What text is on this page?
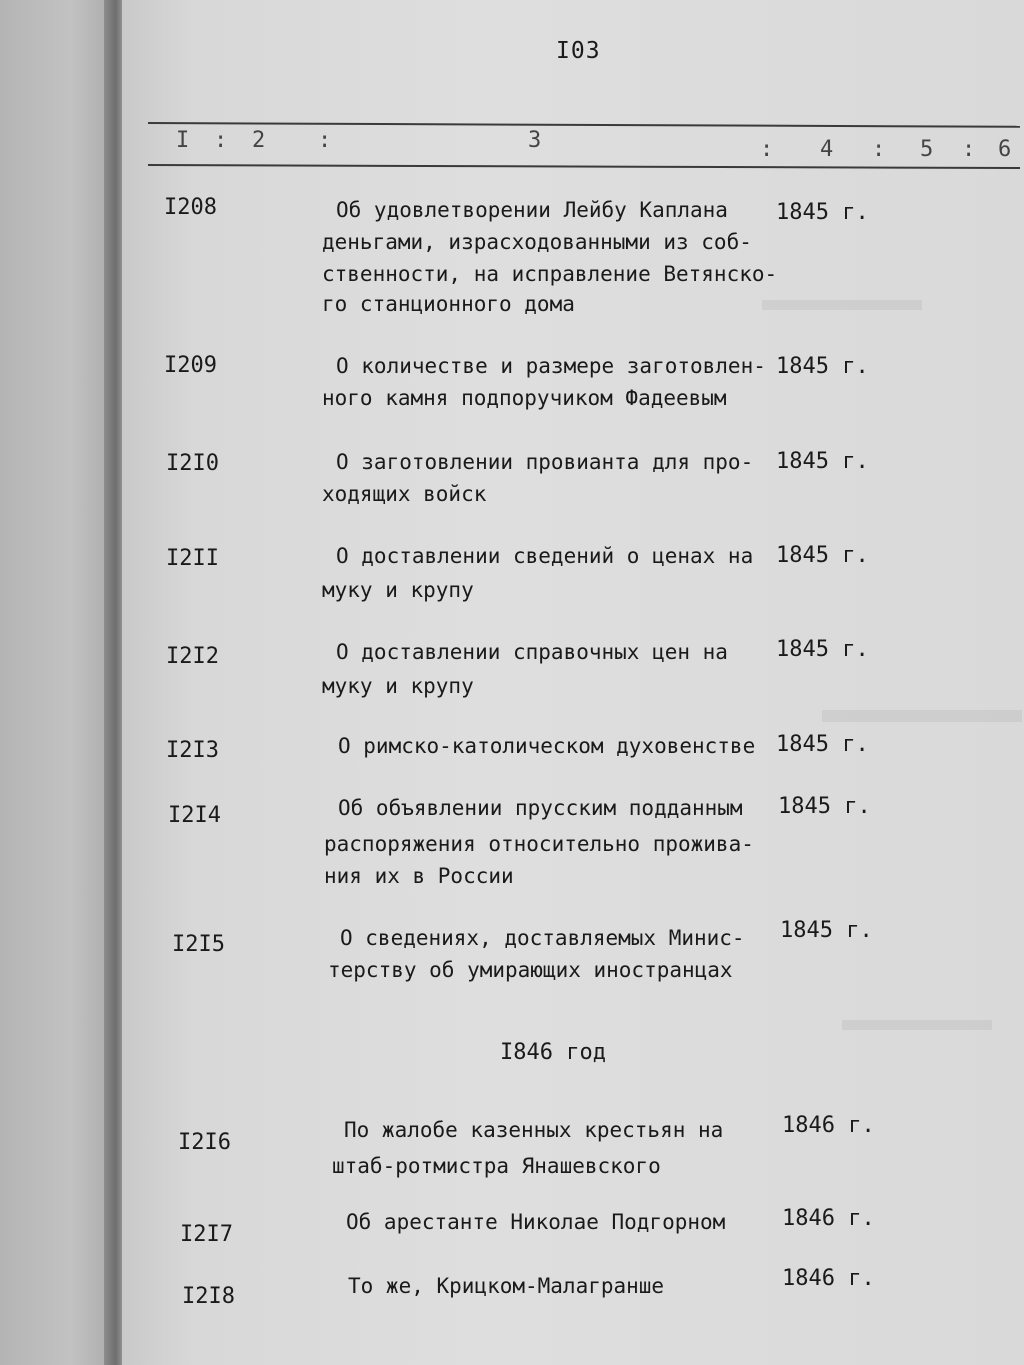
I03
I : 2 :	3	: 4 : 5 : 6
I208	Об удовлетворении Лейбу Каплана
деньгами, израсходованными из соб-
ственности, на исправление Ветянско-
го станционного дома
1845 г.
I209	О количестве и размере заготовлен-
ного камня подпоручиком Фадеевым
1845 г.
I2I0	О заготовлении провианта для про-
ходящих войск
1845 г.
I2II	О доставлении сведений о ценах на
муку и крупу
1845 г.
I2I2	О доставлении справочных цен на
муку и крупу
1845 г.
I2I3	О римско-католическом духовенстве 1845 г.
I2I4	Об объявлении прусским подданным
распоряжения относительно прожива-
ния их в России
1845 г.
I2I5	О сведениях, доставляемых Минис-
терству об умирающих иностранцах
1845 г.
I846 год
I2I6	По жалобе казенных крестьян на
штаб-ротмистра Янашевского
1846 г.
I2I7	Об арестанте Николае Подгорном	1846 г.
I2I8	То же, Крицком-Малагранше	1846 г.
